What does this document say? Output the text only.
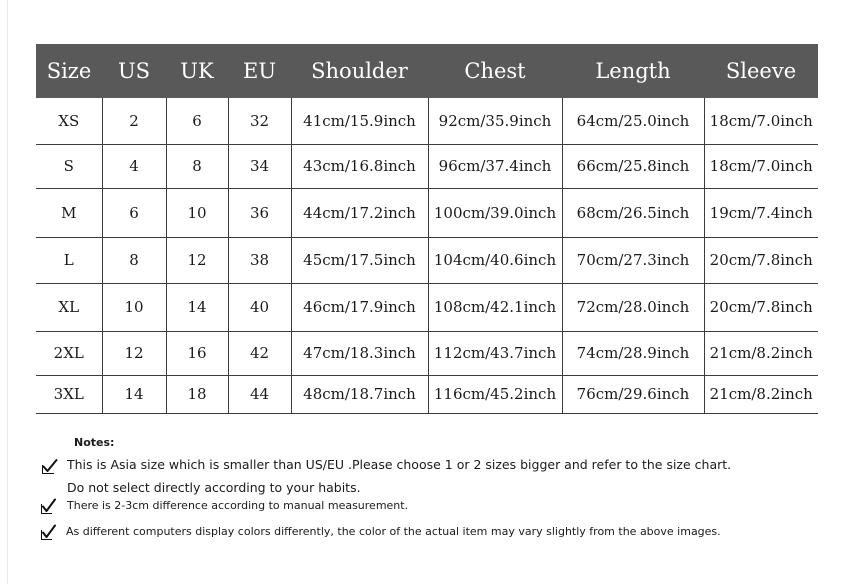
Size	US	UK	EU	Shoulder	Chest	Length	Sleeve
XS	2	6	32	41cm/15.9inch	92cm/35.9inch	64cm/25.0inch	18cm/7.0inch
S	4	8	34	43cm/16.8inch	96cm/37.4inch	66cm/25.8inch	18cm/7.0inch
M	6	10	36	44cm/17.2inch	100cm/39.0inch	68cm/26.5inch	19cm/7.4inch
L	8	12	38	45cm/17.5inch	104cm/40.6inch	70cm/27.3inch	20cm/7.8inch
XL	10	14	40	46cm/17.9inch	108cm/42.1inch	72cm/28.0inch	20cm/7.8inch
2XL	12	16	42	47cm/18.3inch	112cm/43.7inch	74cm/28.9inch	21cm/8.2inch
3XL	14	18	44	48cm/18.7inch	116cm/45.2inch	76cm/29.6inch	21cm/8.2inch
Notes:
This is Asia size which is smaller than US/EU .Please choose 1 or 2 sizes bigger and refer to the size chart.
Do not select directly according to your habits.
There is 2-3cm difference according to manual measurement.
As different computers display colors differently, the color of the actual item may vary slightly from the above images.
